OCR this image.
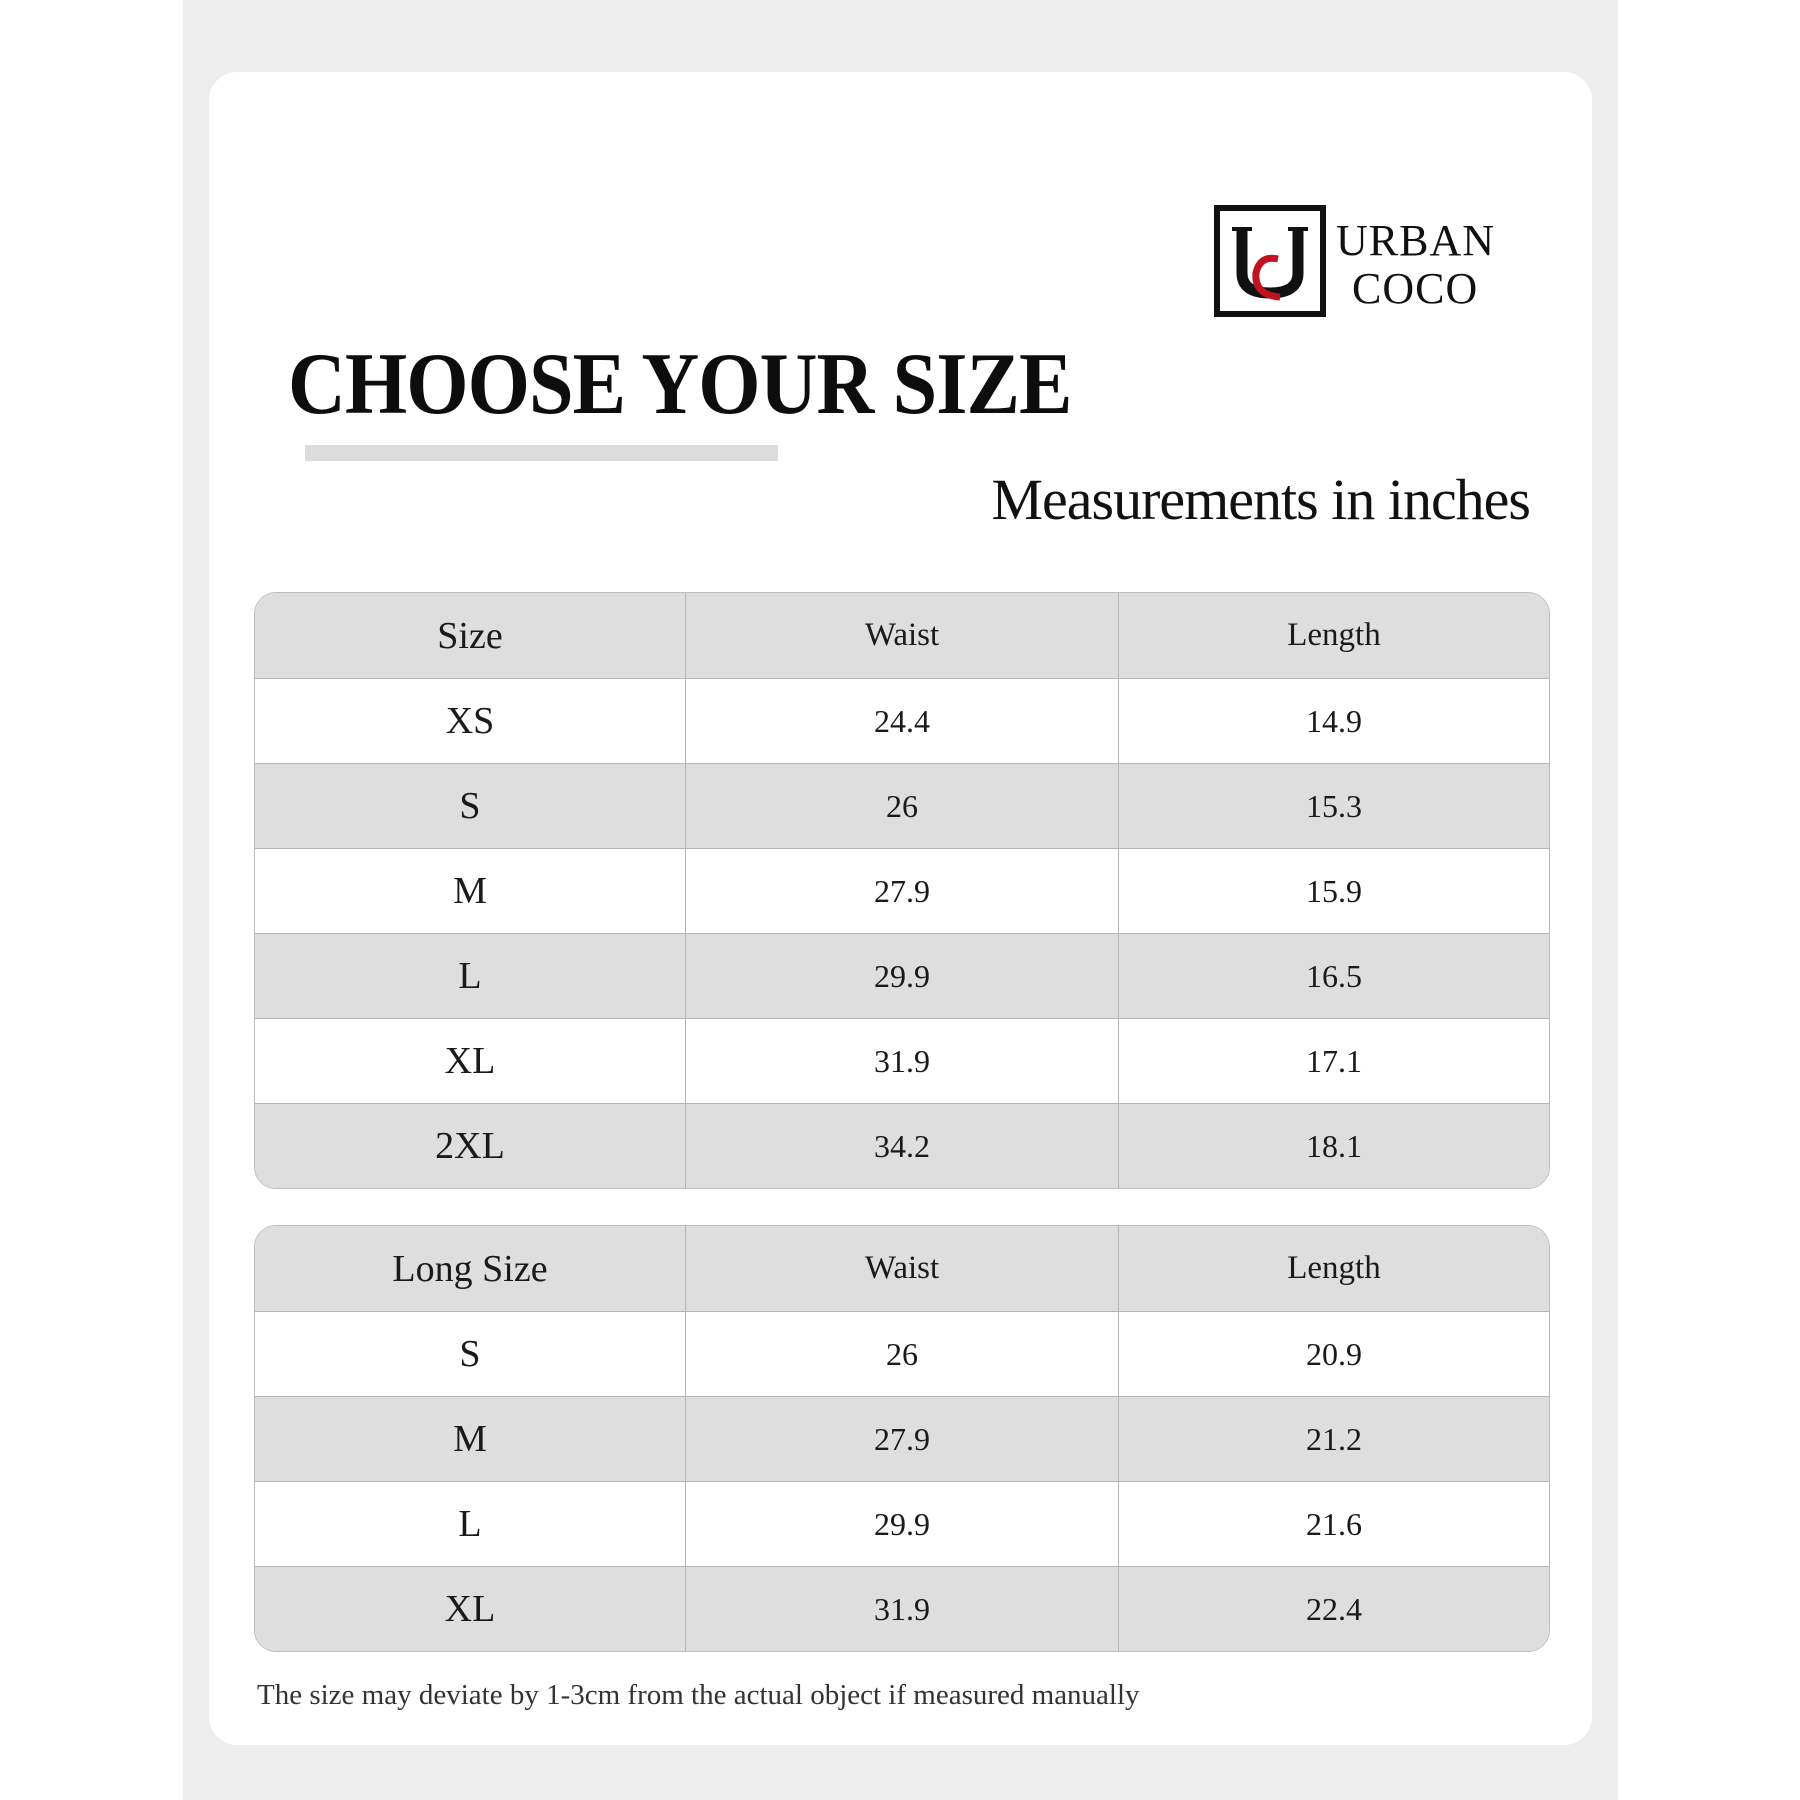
URBAN
COCO
CHOOSE YOUR SIZE
Measurements in inches
Size	Waist	Length
XS	24.4	14.9
S	26	15.3
M	27.9	15.9
L	29.9	16.5
XL	31.9	17.1
2XL	34.2	18.1
Long Size	Waist	Length
S	26	20.9
M	27.9	21.2
L	29.9	21.6
XL	31.9	22.4

The size may deviate by 1-3cm from the actual object if measured manually
